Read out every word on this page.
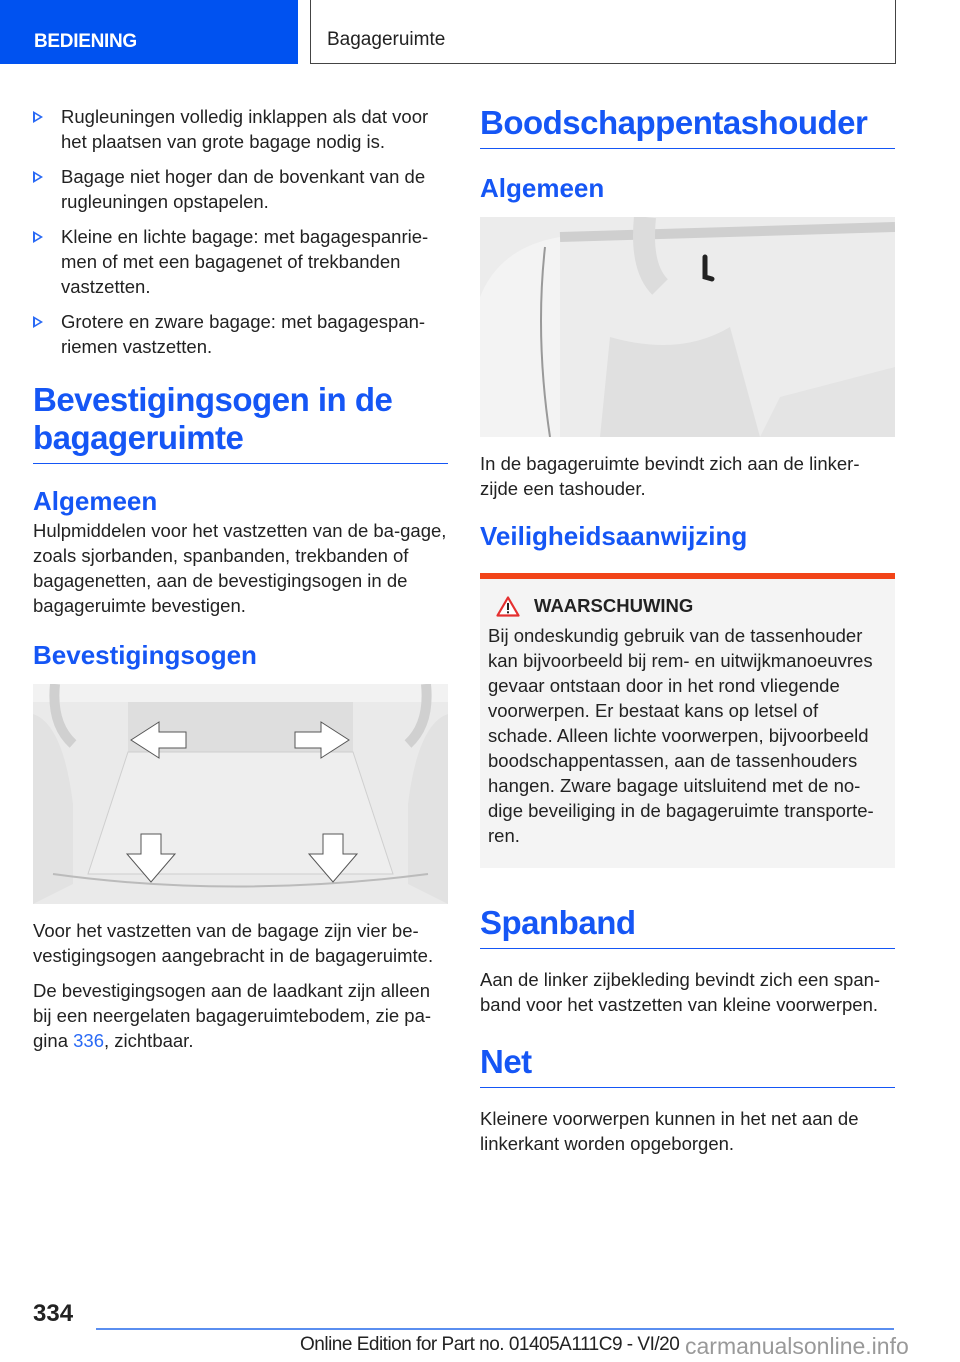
BEDIENING	Bagageruimte
Rugleuningen volledig inklappen als dat voor het plaatsen van grote bagage nodig is.
Bagage niet hoger dan de bovenkant van de rugleuningen opstapelen.
Kleine en lichte bagage: met bagagespanrie-men of met een bagagenet of trekbanden vastzetten.
Grotere en zware bagage: met bagagespan-riemen vastzetten.
Bevestigingsogen in de bagageruimte
Algemeen

Hulpmiddelen voor het vastzetten van de ba-gage, zoals sjorbanden, spanbanden, trekbanden of bagagenetten, aan de bevestigingsogen in de bagageruimte bevestigen.

Bevestigingsogen

Voor het vastzetten van de bagage zijn vier be-vestigingsogen aangebracht in de bagageruimte.

De bevestigingsogen aan de laadkant zijn alleen bij een neergelaten bagageruimtebodem, zie pa-gina 336, zichtbaar.

Boodschappentashouder
Algemeen

In de bagageruimte bevindt zich aan de linker-zijde een tashouder.

Veiligheidsaanwijzing
WAARSCHUWING

Bij ondeskundig gebruik van de tassenhouder kan bijvoorbeeld bij rem- en uitwijkmanoeuvres gevaar ontstaan door in het rond vliegende voorwerpen. Er bestaat kans op letsel of schade. Alleen lichte voorwerpen, bijvoorbeeld boodschappentassen, aan de tassenhouders hangen. Zware bagage uitsluitend met de no-dige beveiliging in de bagageruimte transporte-ren.

Spanband

Aan de linker zijbekleding bevindt zich een span-band voor het vastzetten van kleine voorwerpen.

Net

Kleinere voorwerpen kunnen in het net aan de linkerkant worden opgeborgen.

334
Online Edition for Part no. 01405A111C9 - VI/20 carmanualsonline.info
